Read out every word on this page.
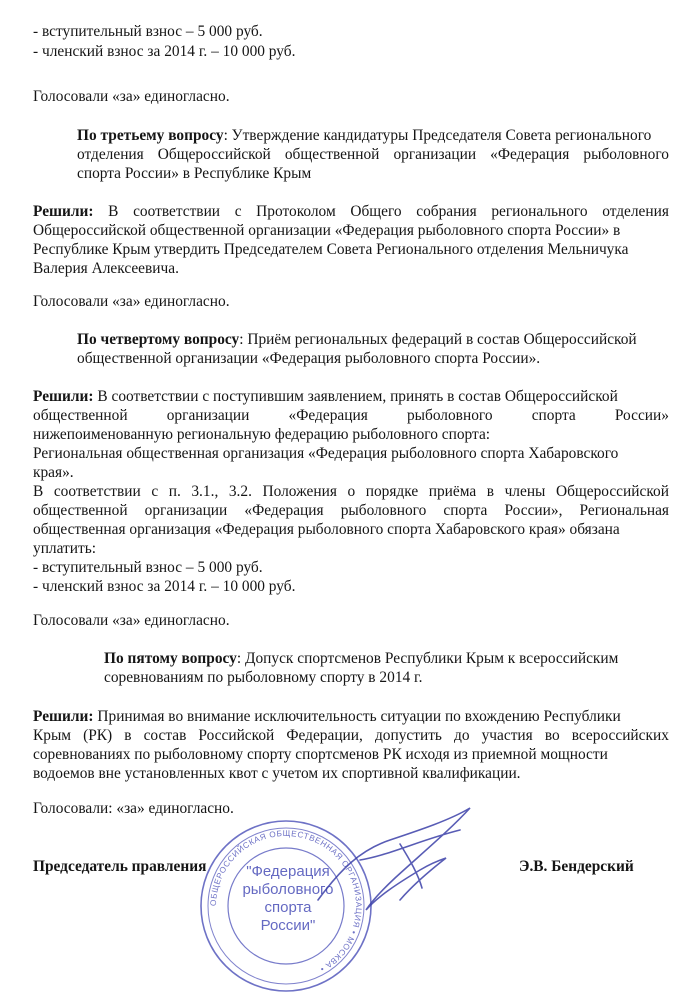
- вступительный взнос – 5 000 руб.
- членский взнос за 2014 г. – 10 000 руб.
Голосовали «за» единогласно.
По третьему вопросу: Утверждение кандидатуры Председателя Совета регионального
отделения Общероссийской общественной организации «Федерация рыболовного
спорта России» в Республике Крым
Решили: В соответствии с Протоколом Общего собрания регионального отделения
Общероссийской общественной организации «Федерация рыболовного спорта России» в
Республике Крым утвердить Председателем Совета Регионального отделения Мельничука
Валерия Алексеевича.
Голосовали «за» единогласно.
По четвертому вопросу: Приём региональных федераций в состав Общероссийской
общественной организации «Федерация рыболовного спорта России».
Решили: В соответствии с поступившим заявлением, принять в состав Общероссийской
общественной	организации	«Федерация	рыболовного	спорта	России»
нижепоименованную региональную федерацию рыболовного спорта:
Региональная общественная организация «Федерация рыболовного спорта Хабаровского
края».
В соответствии с п. 3.1., 3.2. Положения о порядке приёма в члены Общероссийской
общественной организации «Федерация рыболовного спорта России», Региональная
общественная организация «Федерация рыболовного спорта Хабаровского края» обязана
уплатить:
- вступительный взнос – 5 000 руб.
- членский взнос за 2014 г. – 10 000 руб.
Голосовали «за» единогласно.
По пятому вопросу: Допуск спортсменов Республики Крым к всероссийским
соревнованиям по рыболовному спорту в 2014 г.
Решили: Принимая во внимание исключительность ситуации по вхождению Республики
Крым (РК) в состав Российской Федерации, допустить до участия во всероссийских
соревнованиях по рыболовному спорту спортсменов РК исходя из приемной мощности
водоемов вне установленных квот с учетом их спортивной квалификации.
Голосовали: «за» единогласно.
ОБЩЕРОССИЙСКАЯ ОБЩЕСТВЕННАЯ ОРГАНИЗАЦИЯ • МОСКВА •
"Федерация
рыболовного
спорта
России"
Председатель правления	Э.В. Бендерский
